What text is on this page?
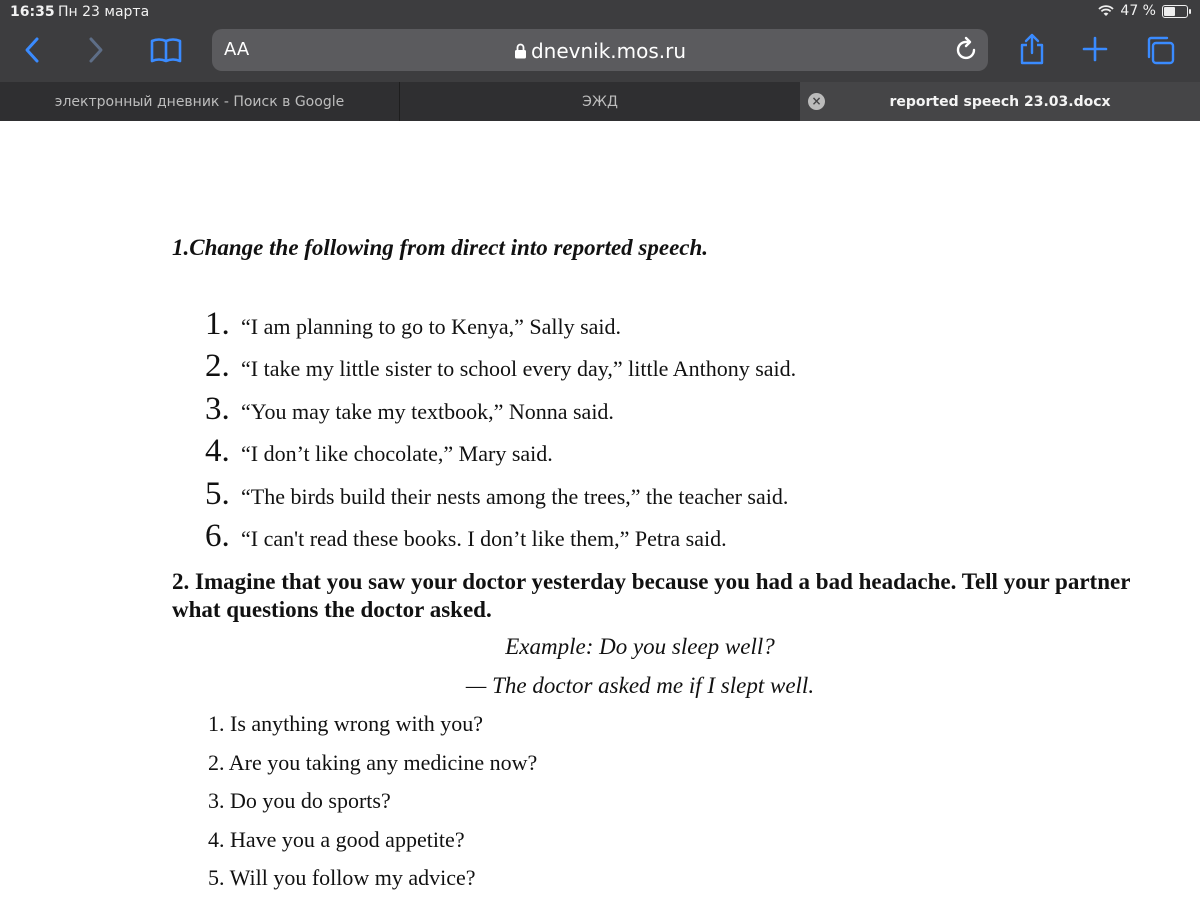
16:35 Пн 23 марта	47 %
AA	dnevnik.mos.ru
электронный дневник - Поиск в Google	ЭЖД	×	reported speech 23.03.docx
1.Change the following from direct into reported speech.
1. “I am planning to go to Kenya,” Sally said.
2. “I take my little sister to school every day,” little Anthony said.
3. “You may take my textbook,” Nonna said.
4. “I don’t like chocolate,” Mary said.
5. “The birds build their nests among the trees,” the teacher said.
6. “I can't read these books. I don’t like them,” Petra said.
2. Imagine that you saw your doctor yesterday because you had a bad headache. Tell your partner what questions the doctor asked.
Example: Do you sleep well?
— The doctor asked me if I slept well.
1. Is anything wrong with you?
2. Are you taking any medicine now?
3. Do you do sports?
4. Have you a good appetite?
5. Will you follow my advice?
